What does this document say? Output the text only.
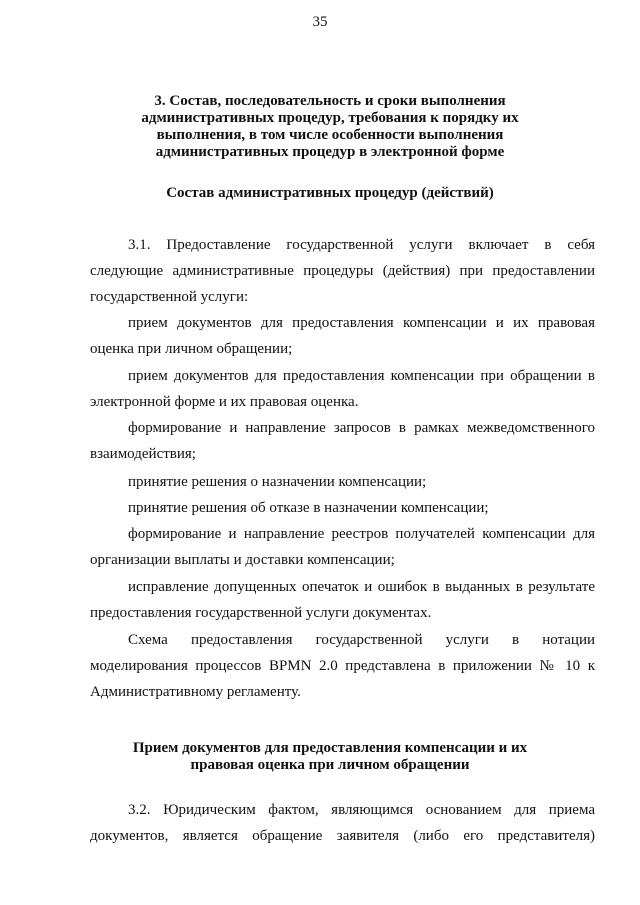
35
3. Состав, последовательность и сроки выполнения
административных процедур, требования к порядку их
выполнения, в том числе особенности выполнения
административных процедур в электронной форме
Состав административных процедур (действий)
3.1. Предоставление государственной услуги включает в себя следующие административные процедуры (действия) при предоставлении государственной услуги:
прием документов для предоставления компенсации и их правовая оценка при личном обращении;
прием документов для предоставления компенсации при обращении в электронной форме и их правовая оценка.
формирование и направление запросов в рамках межведомственного взаимодействия;
принятие решения о назначении компенсации;
принятие решения об отказе в назначении компенсации;
формирование и направление реестров получателей компенсации для организации выплаты и доставки компенсации;
исправление допущенных опечаток и ошибок в выданных в результате предоставления государственной услуги документах.
Схема предоставления государственной услуги в нотации моделирования процессов BPMN 2.0 представлена в приложении № 10 к Административному регламенту.
Прием документов для предоставления компенсации и их
правовая оценка при личном обращении
3.2. Юридическим фактом, являющимся основанием для приема документов, является обращение заявителя (либо его представителя)
